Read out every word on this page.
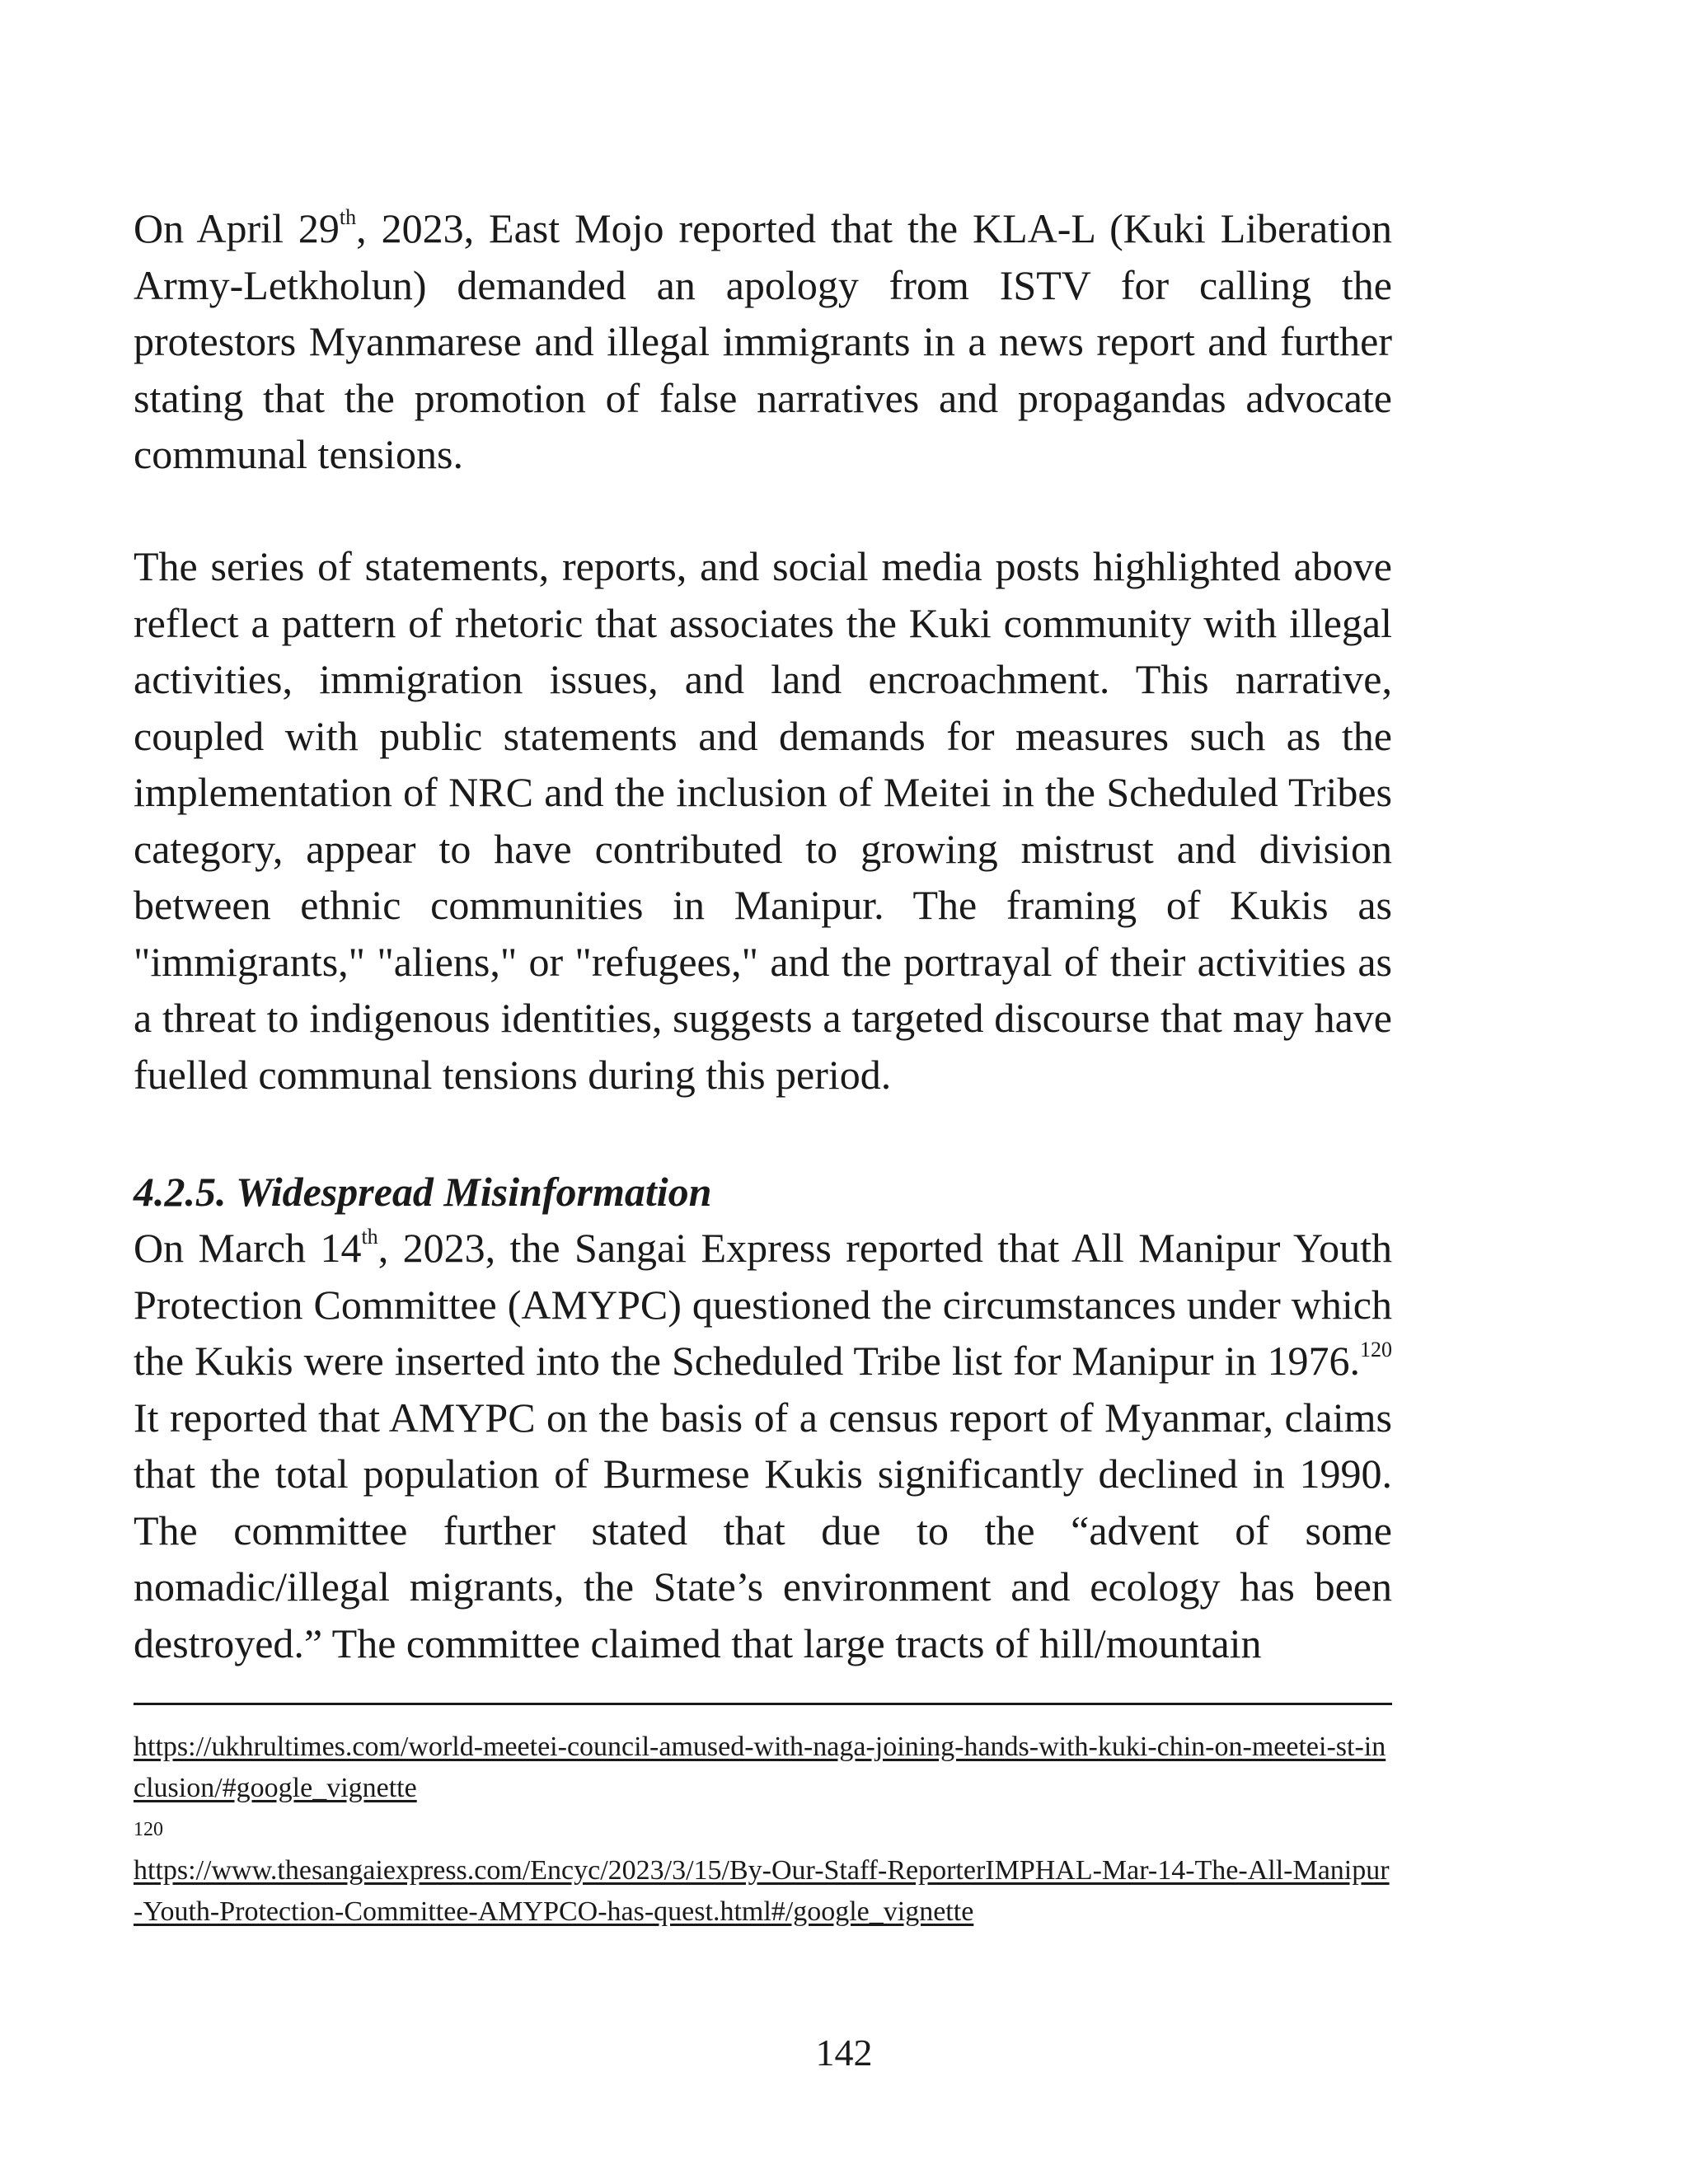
On April 29th, 2023, East Mojo reported that the KLA-L (Kuki Liberation Army-Letkholun) demanded an apology from ISTV for calling the protestors Myanmarese and illegal immigrants in a news report and further stating that the promotion of false narratives and propagandas advocate communal tensions.

The series of statements, reports, and social media posts highlighted above reflect a pattern of rhetoric that associates the Kuki community with illegal activities, immigration issues, and land encroachment. This narrative, coupled with public statements and demands for measures such as the implementation of NRC and the inclusion of Meitei in the Scheduled Tribes category, appear to have contributed to growing mistrust and division between ethnic communities in Manipur. The framing of Kukis as "immigrants," "aliens," or "refugees," and the portrayal of their activities as a threat to indigenous identities, suggests a targeted discourse that may have fuelled communal tensions during this period.

4.2.5. Widespread Misinformation

On March 14th, 2023, the Sangai Express reported that All Manipur Youth Protection Committee (AMYPC) questioned the circumstances under which the Kukis were inserted into the Scheduled Tribe list for Manipur in 1976.$^{120}$ It reported that AMYPC on the basis of a census report of Myanmar, claims that the total population of Burmese Kukis significantly declined in 1990. The committee further stated that due to the “advent of some nomadic/illegal migrants, the State’s environment and ecology has been destroyed.” The committee claimed that large tracts of hill/mountain

https://ukhrultimes.com/world-meetei-council-amused-with-naga-joining-hands-with-kuki-chin-on-meetei-st-inclusion/#google_vignette

120

https://www.thesangaiexpress.com/Encyc/2023/3/15/By-Our-Staff-ReporterIMPHAL-Mar-14-The-All-Manipur-Youth-Protection-Committee-AMYPCO-has-quest.html#/google_vignette

142
